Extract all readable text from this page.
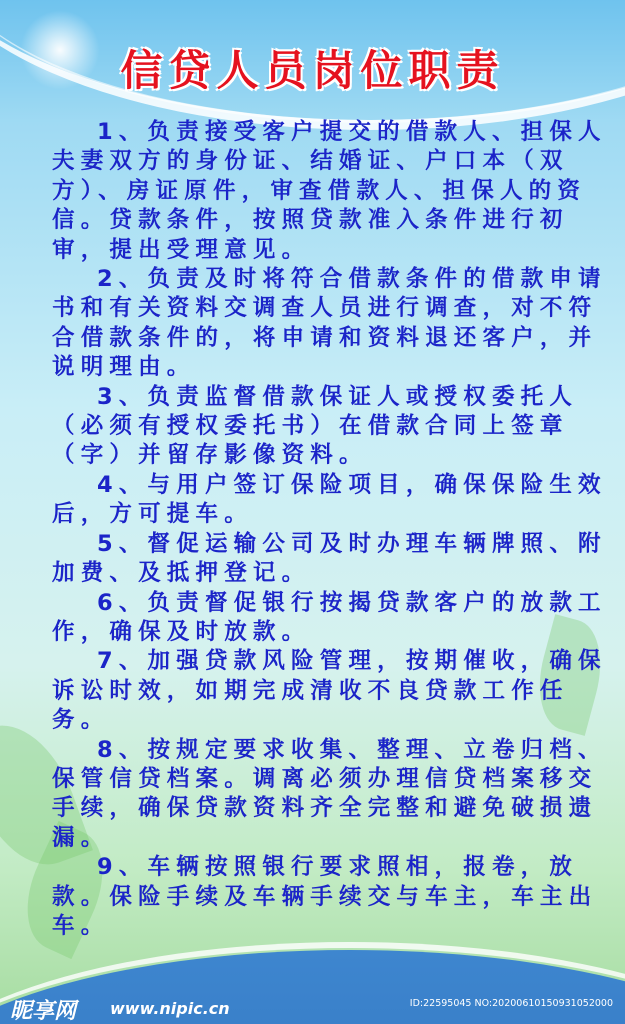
信贷人员岗位职责

1、负责接受客户提交的借款人、担保人夫妻双方的身份证、结婚证、户口本（双方）、房证原件，审查借款人、担保人的资信。贷款条件，按照贷款准入条件进行初审，提出受理意见。

2、负责及时将符合借款条件的借款申请书和有关资料交调查人员进行调查，对不符合借款条件的，将申请和资料退还客户，并说明理由。

3、负责监督借款保证人或授权委托人（必须有授权委托书）在借款合同上签章（字）并留存影像资料。

4、与用户签订保险项目，确保保险生效后，方可提车。

5、督促运输公司及时办理车辆牌照、附加费、及抵押登记。

6、负责督促银行按揭贷款客户的放款工作，确保及时放款。

7、加强贷款风险管理，按期催收，确保诉讼时效，如期完成清收不良贷款工作任务。

8、按规定要求收集、整理、立卷归档、保管信贷档案。调离必须办理信贷档案移交手续，确保贷款资料齐全完整和避免破损遗漏。

9、车辆按照银行要求照相，报卷，放款。保险手续及车辆手续交与车主，车主出车。

昵享网 www.nipic.cn	ID:22595045 NO:20200610150931052000
